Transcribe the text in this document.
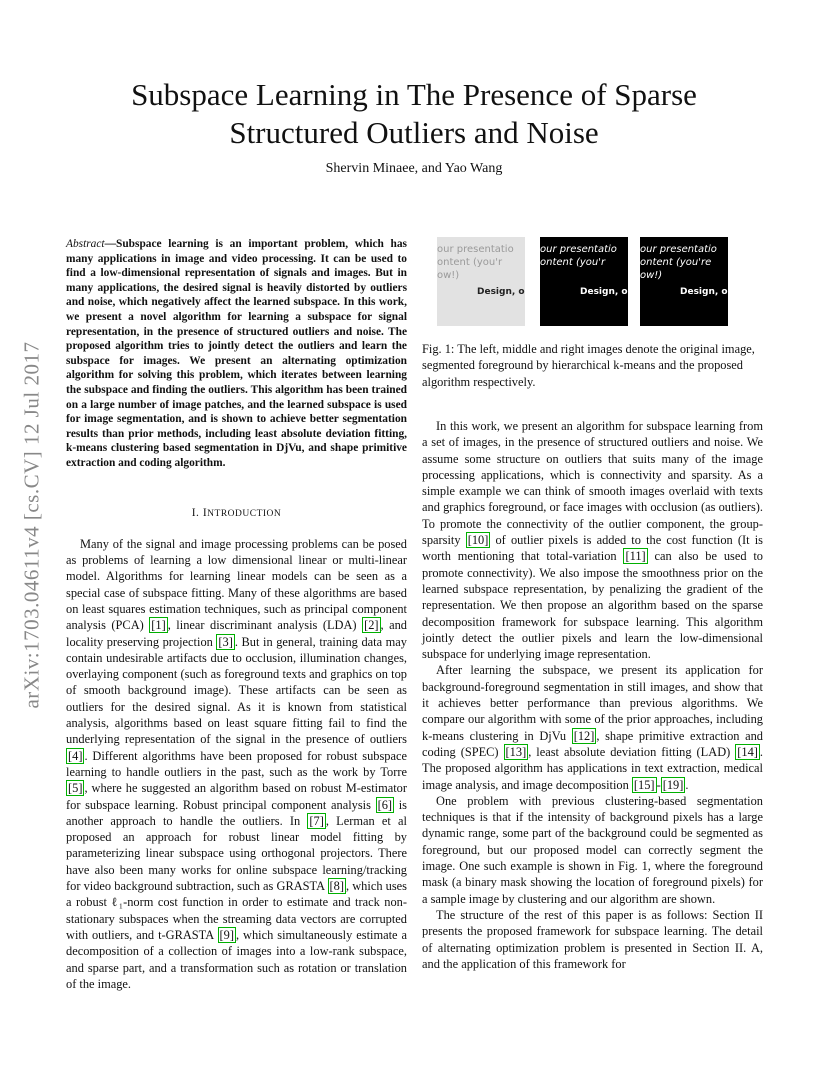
Subspace Learning in The Presence of Sparse
Structured Outliers and Noise
Shervin Minaee, and Yao Wang
arXiv:1703.04611v4 [cs.CV] 12 Jul 2017

Abstract—Subspace learning is an important problem, which has many applications in image and video processing. It can be used to find a low-dimensional representation of signals and images. But in many applications, the desired signal is heavily distorted by outliers and noise, which negatively affect the learned subspace. In this work, we present a novel algorithm for learning a subspace for signal representation, in the presence of structured outliers and noise. The proposed algorithm tries to jointly detect the outliers and learn the subspace for images. We present an alternating optimization algorithm for solving this problem, which iterates between learning the subspace and finding the outliers. This algorithm has been trained on a large number of image patches, and the learned subspace is used for image segmentation, and is shown to achieve better segmentation results than prior methods, including least absolute deviation fitting, k-means clustering based segmentation in DjVu, and shape primitive extraction and coding algorithm.

I. INTRODUCTION

Many of the signal and image processing problems can be posed as problems of learning a low dimensional linear or multi-linear model. Algorithms for learning linear models can be seen as a special case of subspace fitting. Many of these algorithms are based on least squares estimation techniques, such as principal component analysis (PCA) [1] , linear discriminant analysis (LDA) [2] , and locality preserving projection [3] . But in general, training data may contain undesirable artifacts due to occlusion, illumination changes, overlaying component (such as foreground texts and graphics on top of smooth background image). These artifacts can be seen as outliers for the desired signal. As it is known from statistical analysis, algorithms based on least square fitting fail to find the underlying representation of the signal in the presence of outliers [4] . Different algorithms have been proposed for robust subspace learning to handle outliers in the past, such as the work by Torre [5] , where he suggested an algorithm based on robust M-estimator for subspace learning. Robust principal component analysis [6] is another approach to handle the outliers. In [7] , Lerman et al proposed an approach for robust linear model fitting by parameterizing linear subspace using orthogonal projectors. There have also been many works for online subspace learning/tracking for video background subtraction, such as GRASTA [8] , which uses a robust ℓ₁-norm cost function in order to estimate and track non-stationary subspaces when the streaming data vectors are corrupted with outliers, and t-GRASTA [9] , which simultaneously estimate a decomposition of a collection of images into a low-rank subspace, and sparse part, and a transformation such as rotation or translation of the image.

our presentatio
ontent (you'r
ow!)
Design, o
our presentatio
ontent (you'r

Design, o
our presentatio
ontent (you're
ow!)
Design, o
Fig. 1: The left, middle and right images denote the original image, segmented foreground by hierarchical k-means and the proposed algorithm respectively.

In this work, we present an algorithm for subspace learning from a set of images, in the presence of structured outliers and noise. We assume some structure on outliers that suits many of the image processing applications, which is connectivity and sparsity. As a simple example we can think of smooth images overlaid with texts and graphics foreground, or face images with occlusion (as outliers). To promote the connectivity of the outlier component, the group-sparsity [10] of outlier pixels is added to the cost function (It is worth mentioning that total-variation [11] can also be used to promote connectivity). We also impose the smoothness prior on the learned subspace representation, by penalizing the gradient of the representation. We then propose an algorithm based on the sparse decomposition framework for subspace learning. This algorithm jointly detect the outlier pixels and learn the low-dimensional subspace for underlying image representation.

After learning the subspace, we present its application for background-foreground segmentation in still images, and show that it achieves better performance than previous algorithms. We compare our algorithm with some of the prior approaches, including k-means clustering in DjVu [12] , shape primitive extraction and coding (SPEC) [13] , least absolute deviation fitting (LAD) [14] . The proposed algorithm has applications in text extraction, medical image analysis, and image decomposition [15] - [19] .

One problem with previous clustering-based segmentation techniques is that if the intensity of background pixels has a large dynamic range, some part of the background could be segmented as foreground, but our proposed model can correctly segment the image. One such example is shown in Fig. 1, where the foreground mask (a binary mask showing the location of foreground pixels) for a sample image by clustering and our algorithm are shown.

The structure of the rest of this paper is as follows: Section II presents the proposed framework for subspace learning. The detail of alternating optimization problem is presented in Section II. A, and the application of this framework for
